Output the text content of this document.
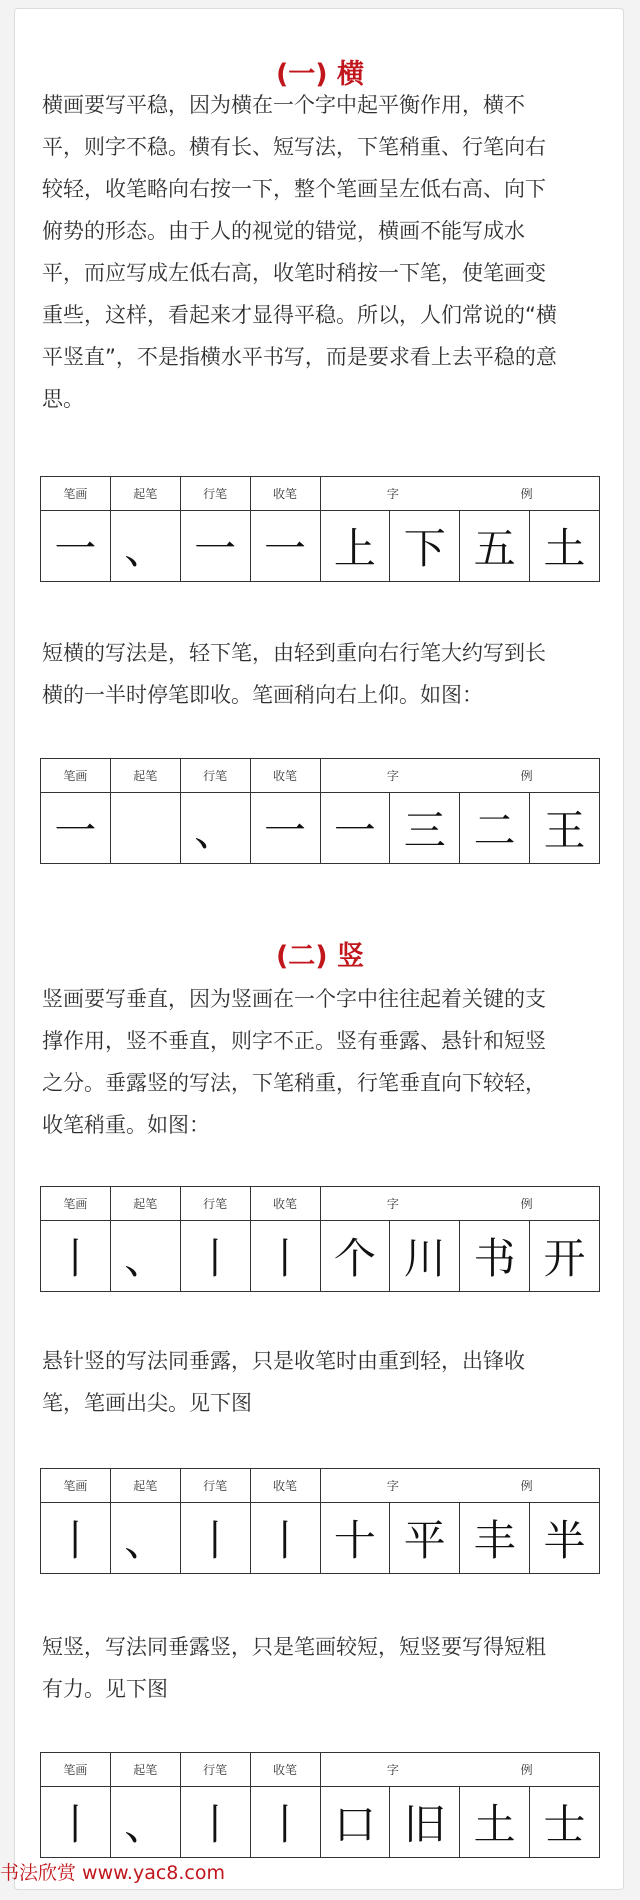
(一) 横
横画要写平稳，因为横在一个字中起平衡作用，横不
平，则字不稳。横有长、短写法，下笔稍重、行笔向右
较轻，收笔略向右按一下，整个笔画呈左低右高、向下
俯势的形态。由于人的视觉的错觉，横画不能写成水
平，而应写成左低右高，收笔时稍按一下笔，使笔画变
重些，这样，看起来才显得平稳。所以，人们常说的“横
平竖直”，不是指横水平书写，而是要求看上去平稳的意
思。
笔画	起笔	行笔	收笔	字 例			
一	、	一	一	上	下	五	土
短横的写法是，轻下笔，由轻到重向右行笔大约写到长
横的一半时停笔即收。笔画稍向右上仰。如图：
笔画	起笔	行笔	收笔	字 例			
一		、	一	一	三	二	王
(二) 竖
竖画要写垂直，因为竖画在一个字中往往起着关键的支
撑作用，竖不垂直，则字不正。竖有垂露、悬针和短竖
之分。垂露竖的写法，下笔稍重，行笔垂直向下较轻，
收笔稍重。如图：
笔画	起笔	行笔	收笔	字 例			
丨	、	丨	丨	个	川	书	开
悬针竖的写法同垂露，只是收笔时由重到轻，出锋收
笔，笔画出尖。见下图
笔画	起笔	行笔	收笔	字 例			
丨	、	丨	丨	十	平	丰	半
短竖，写法同垂露竖，只是笔画较短，短竖要写得短粗
有力。见下图
笔画	起笔	行笔	收笔	字 例			
丨	、	丨	丨	口	旧	土	士
书法欣赏 www.yac8.com
